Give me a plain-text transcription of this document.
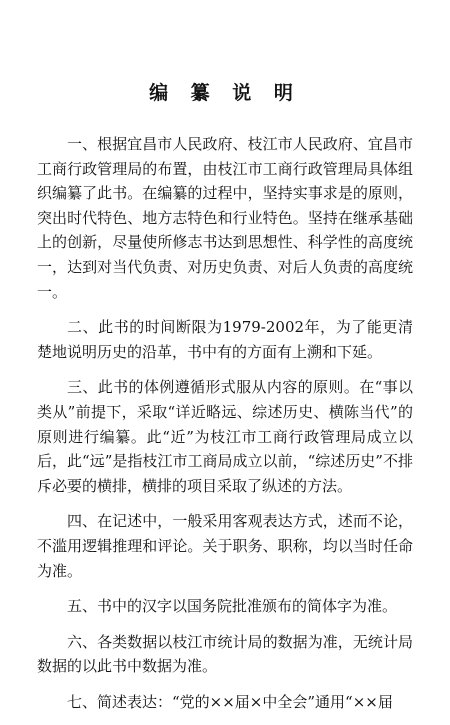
编 纂 说 明

一、根据宜昌市人民政府、枝江市人民政府、宜昌市工商行政管理局的布置，由枝江市工商行政管理局具体组织编纂了此书。在编纂的过程中，坚持实事求是的原则，突出时代特色、地方志特色和行业特色。坚持在继承基础上的创新，尽量使所修志书达到思想性、科学性的高度统一，达到对当代负责、对历史负责、对后人负责的高度统一。

二、此书的时间断限为1979-2002年，为了能更清楚地说明历史的沿革，书中有的方面有上溯和下延。

三、此书的体例遵循形式服从内容的原则。在“事以类从”前提下，采取“详近略远、综述历史、横陈当代”的原则进行编纂。此“近”为枝江市工商行政管理局成立以后，此“远”是指枝江市工商局成立以前，“综述历史”不排斥必要的横排，横排的项目采取了纵述的方法。

四、在记述中，一般采用客观表达方式，述而不论，不滥用逻辑推理和评论。关于职务、职称，均以当时任命为准。

五、书中的汉字以国务院批准颁布的简体字为准。

六、各类数据以枝江市统计局的数据为准，无统计局数据的以此书中数据为准。

七、简述表达：“党的××届×中全会”通用“××届
